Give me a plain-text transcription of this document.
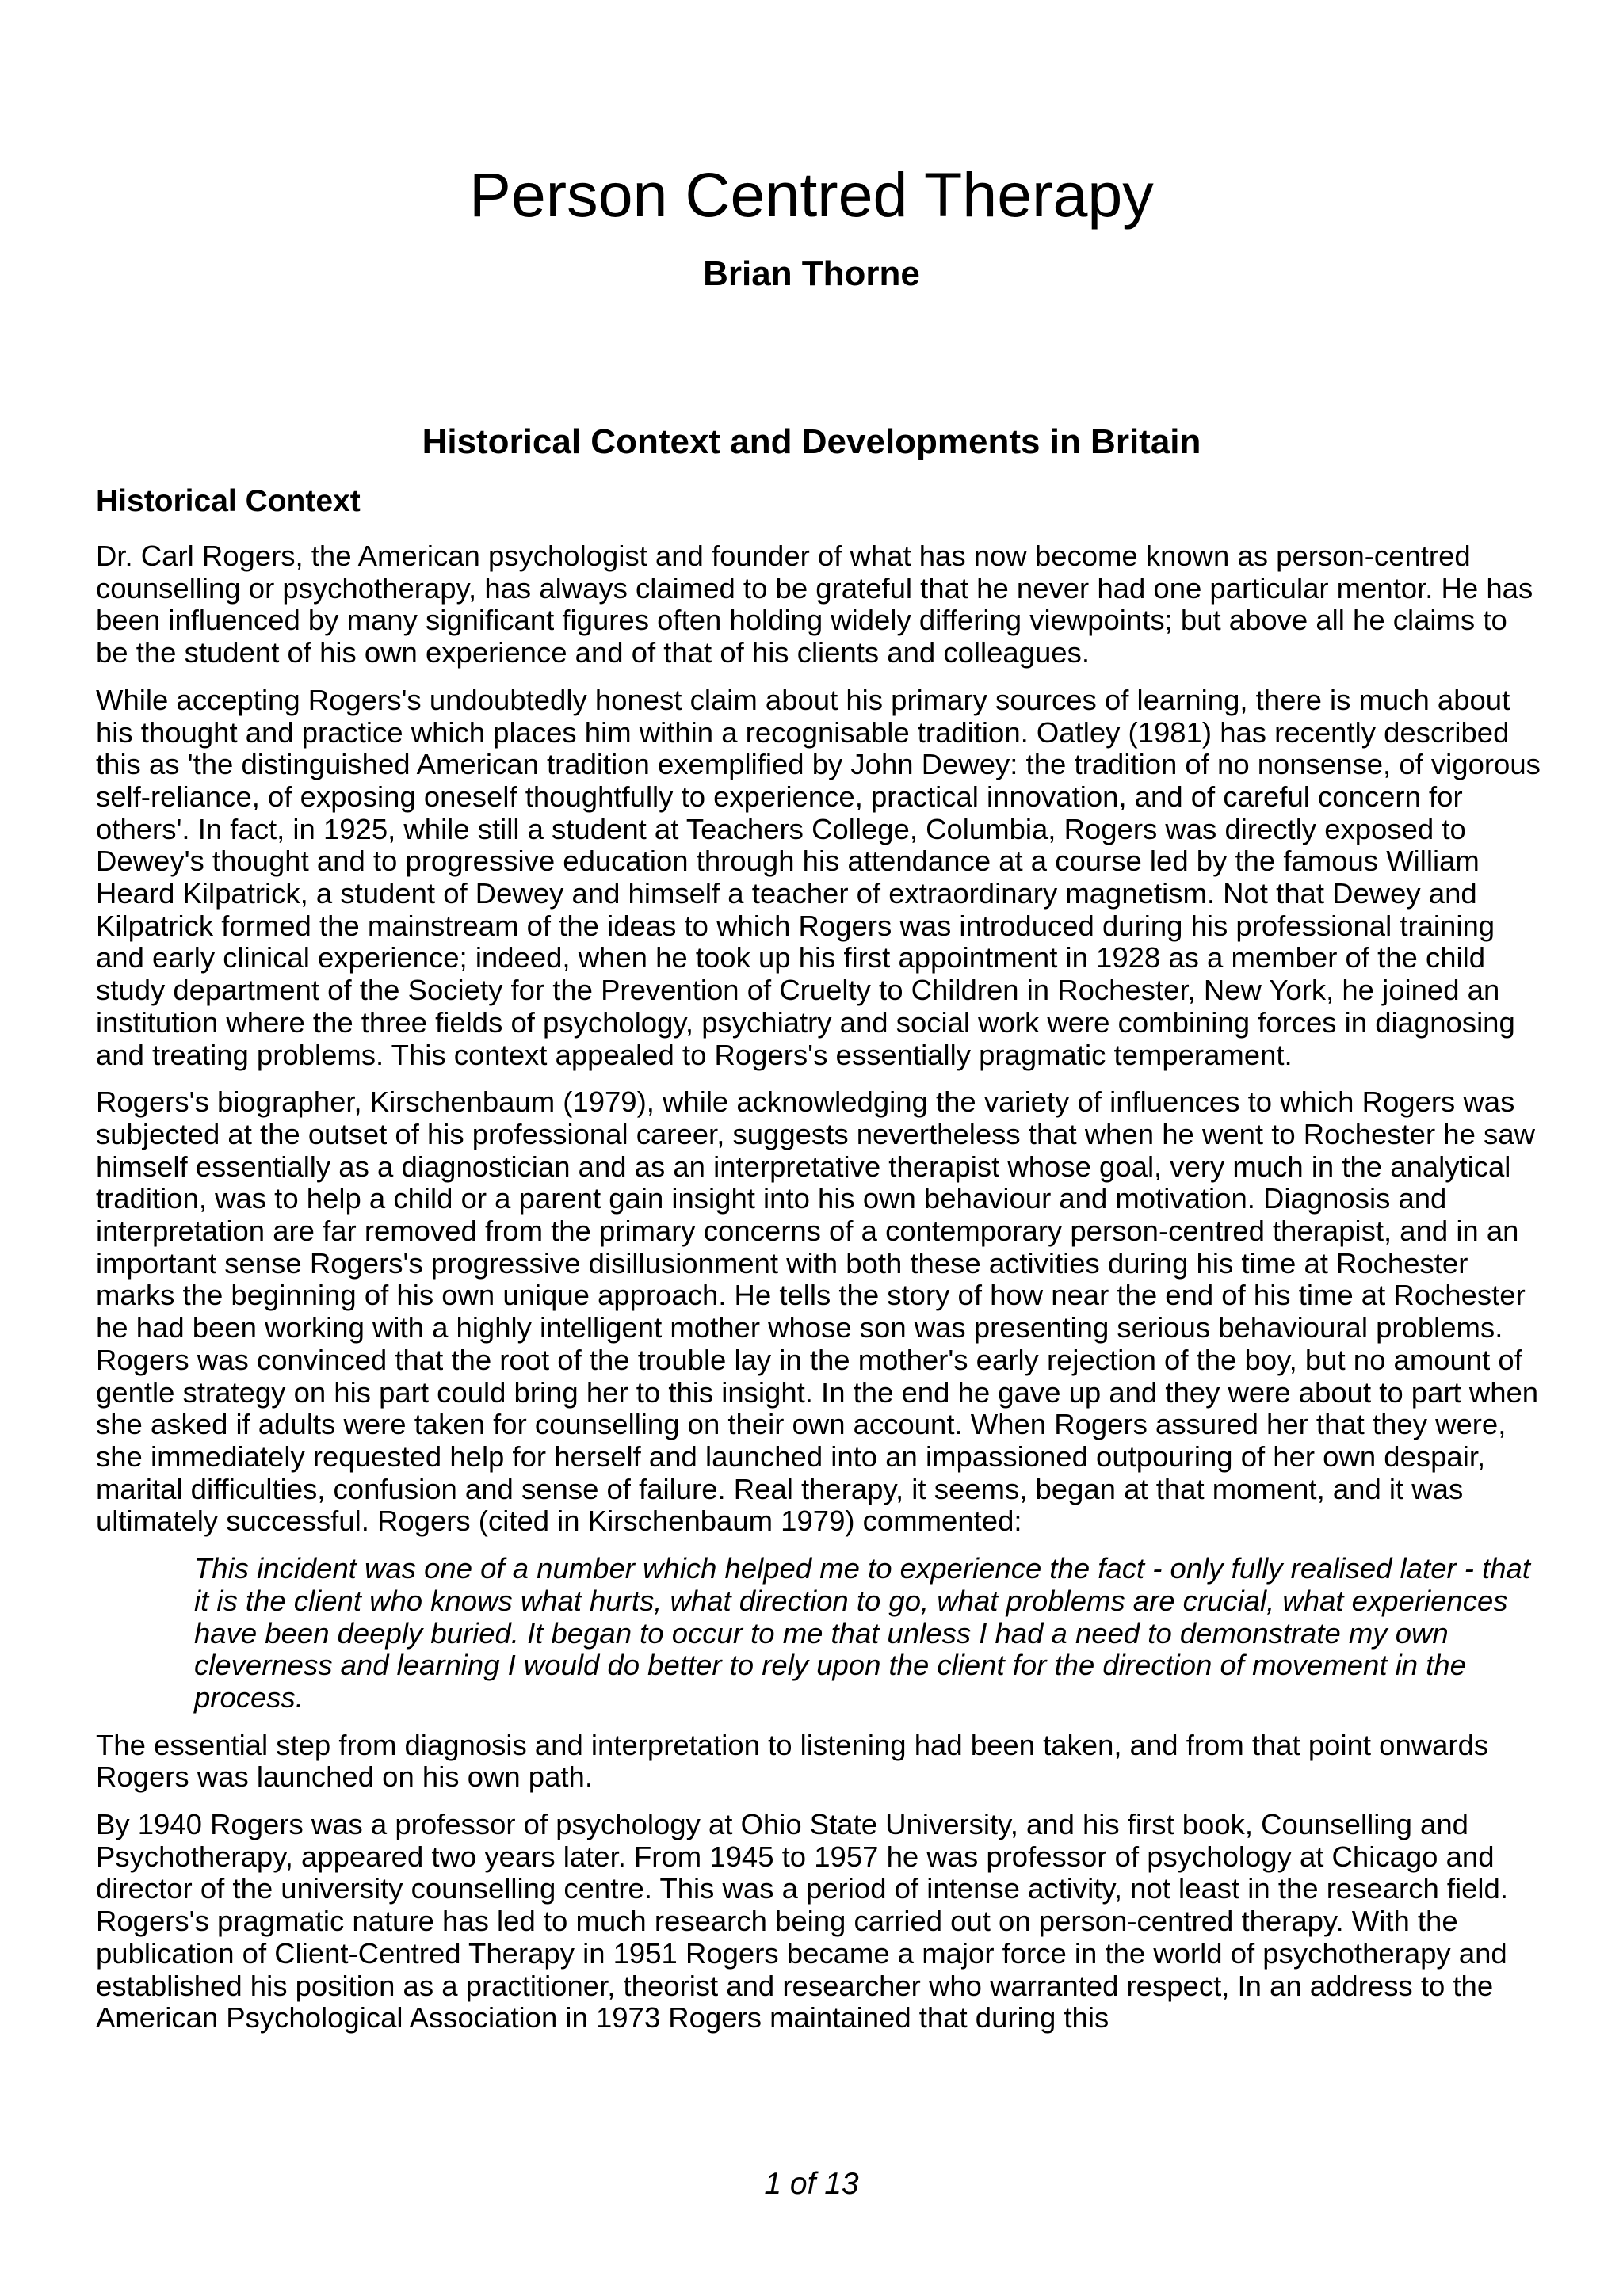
Person Centred Therapy
Brian Thorne
Historical Context and Developments in Britain
Historical Context

Dr. Carl Rogers, the American psychologist and founder of what has now become known as person-centred counselling or psychotherapy, has always claimed to be grateful that he never had one particular mentor. He has been influenced by many significant figures often holding widely differing viewpoints; but above all he claims to be the student of his own experience and of that of his clients and colleagues.

While accepting Rogers's undoubtedly honest claim about his primary sources of learning, there is much about his thought and practice which places him within a recognisable tradition. Oatley (1981) has recently described this as 'the distinguished American tradition exemplified by John Dewey: the tradition of no nonsense, of vigorous self-reliance, of exposing oneself thoughtfully to experience, practical innovation, and of careful concern for others'. In fact, in 1925, while still a student at Teachers College, Columbia, Rogers was directly exposed to Dewey's thought and to progressive education through his attendance at a course led by the famous William Heard Kilpatrick, a student of Dewey and himself a teacher of extraordinary magnetism. Not that Dewey and Kilpatrick formed the mainstream of the ideas to which Rogers was introduced during his professional training and early clinical experience; indeed, when he took up his first appointment in 1928 as a member of the child study department of the Society for the Prevention of Cruelty to Children in Rochester, New York, he joined an institution where the three fields of psychology, psychiatry and social work were combining forces in diagnosing and treating problems. This context appealed to Rogers's essentially pragmatic temperament.

Rogers's biographer, Kirschenbaum (1979), while acknowledging the variety of influences to which Rogers was subjected at the outset of his professional career, suggests nevertheless that when he went to Rochester he saw himself essentially as a diagnostician and as an interpretative therapist whose goal, very much in the analytical tradition, was to help a child or a parent gain insight into his own behaviour and motivation. Diagnosis and interpretation are far removed from the primary concerns of a contemporary person-centred therapist, and in an important sense Rogers's progressive disillusionment with both these activities during his time at Rochester marks the beginning of his own unique approach. He tells the story of how near the end of his time at Rochester he had been working with a highly intelligent mother whose son was presenting serious behavioural problems. Rogers was convinced that the root of the trouble lay in the mother's early rejection of the boy, but no amount of gentle strategy on his part could bring her to this insight. In the end he gave up and they were about to part when she asked if adults were taken for counselling on their own account. When Rogers assured her that they were, she immediately requested help for herself and launched into an impassioned outpouring of her own despair, marital difficulties, confusion and sense of failure. Real therapy, it seems, began at that moment, and it was ultimately successful. Rogers (cited in Kirschenbaum 1979) commented:

This incident was one of a number which helped me to experience the fact - only fully realised later - that it is the client who knows what hurts, what direction to go, what problems are crucial, what experiences have been deeply buried. It began to occur to me that unless I had a need to demonstrate my own cleverness and learning I would do better to rely upon the client for the direction of movement in the process.

The essential step from diagnosis and interpretation to listening had been taken, and from that point onwards Rogers was launched on his own path.

By 1940 Rogers was a professor of psychology at Ohio State University, and his first book, Counselling and Psychotherapy, appeared two years later. From 1945 to 1957 he was professor of psychology at Chicago and director of the university counselling centre. This was a period of intense activity, not least in the research field. Rogers's pragmatic nature has led to much research being carried out on person-centred therapy. With the publication of Client-Centred Therapy in 1951 Rogers became a major force in the world of psychotherapy and established his position as a practitioner, theorist and researcher who warranted respect, In an address to the American Psychological Association in 1973 Rogers maintained that during this

1 of 13
